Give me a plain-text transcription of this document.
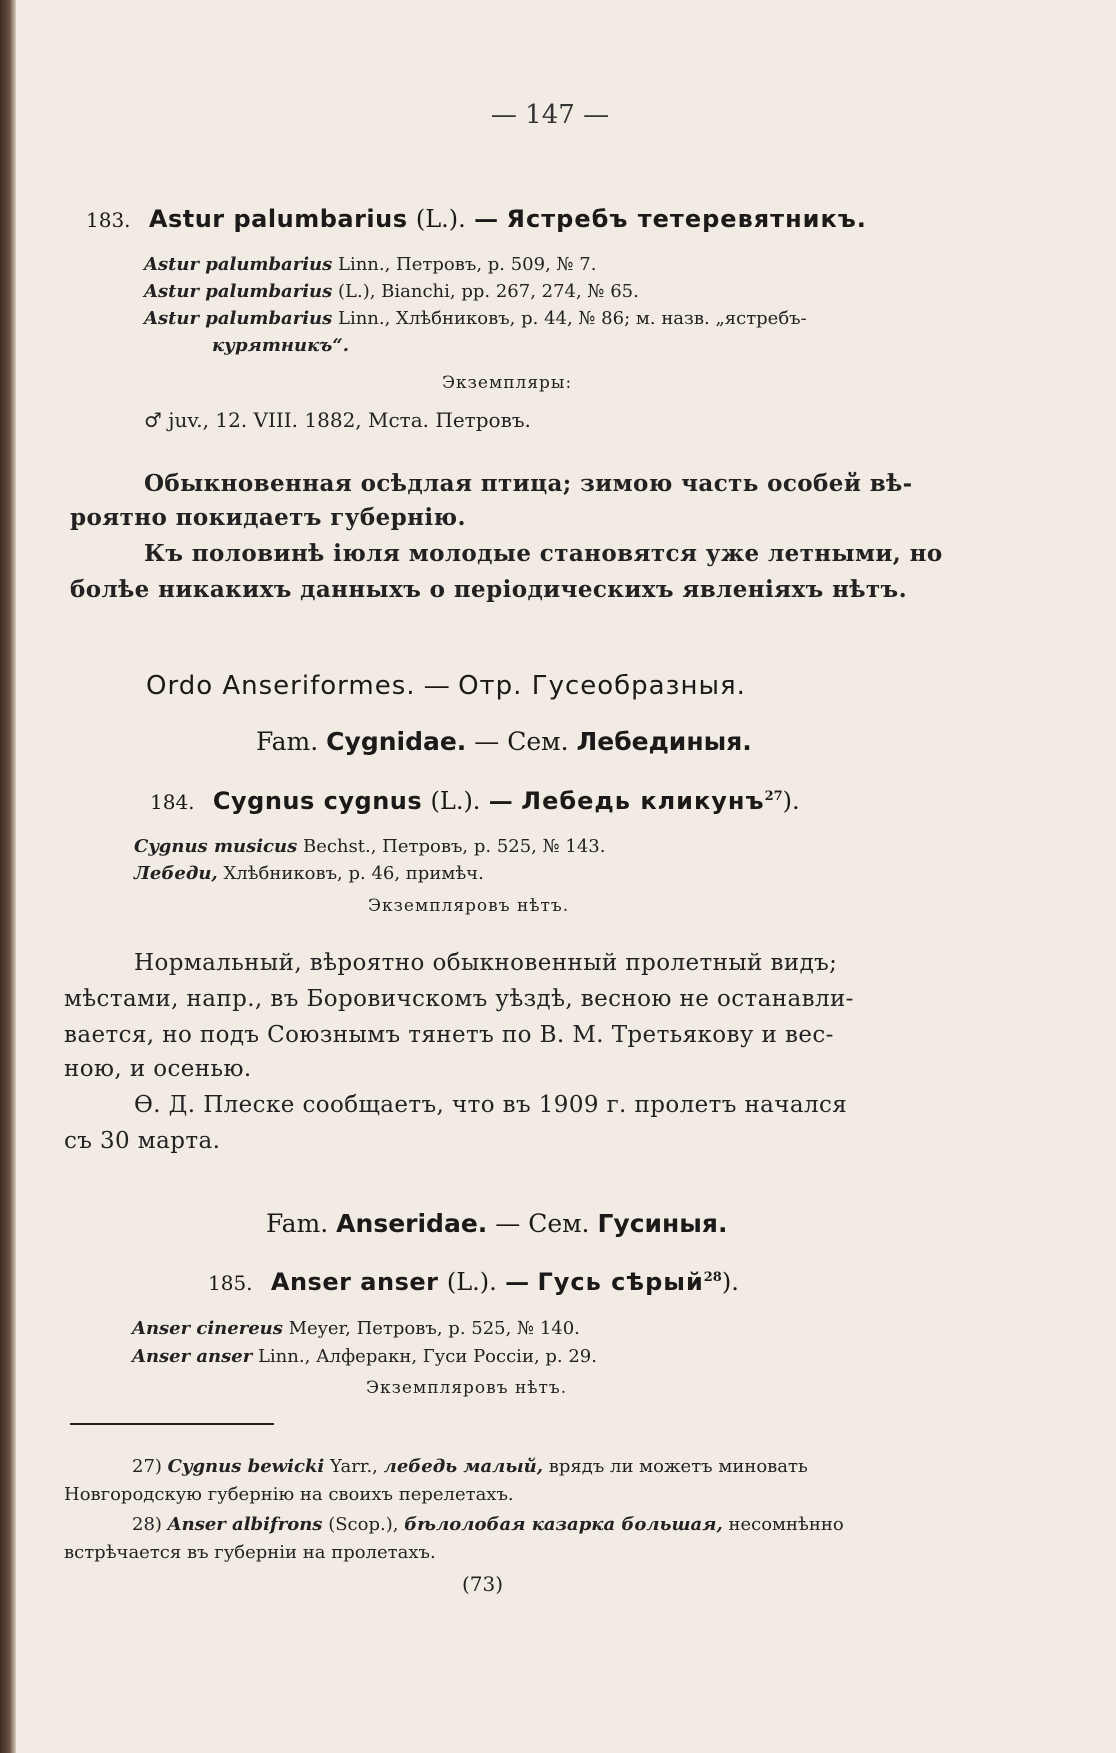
— 147 —
183. Astur palumbarius (L.). — Ястребъ тетеревятникъ.
Astur palumbarius Linn., Петровъ, p. 509, № 7.
Astur palumbarius (L.), Bianchi, pp. 267, 274, № 65.
Astur palumbarius Linn., Хлѣбниковъ, p. 44, № 86; м. назв. „ястребъ-
курятникъ“.
Экземпляры:
♂ juv., 12. VIII. 1882, Мста. Петровъ.
Обыкновенная осѣдлая птица; зимою часть особей вѣ-
роятно покидаетъ губернію.
Къ половинѣ іюля молодые становятся уже летными, но
болѣе никакихъ данныхъ о періодическихъ явленіяхъ нѣтъ.
Ordo Anseriformes. — Отр. Гусеобразныя.
Fam. Cygnidae. — Сем. Лебединыя.
184. Cygnus cygnus (L.). — Лебедь кликунъ$^{27}$).
Cygnus musicus Bechst., Петровъ, p. 525, № 143.
Лебеди, Хлѣбниковъ, p. 46, примѣч.
Экземпляровъ нѣтъ.
Нормальный, вѣроятно обыкновенный пролетный видъ;
мѣстами, напр., въ Боровичскомъ уѣздѣ, весною не останавли-
вается, но подъ Союзнымъ тянетъ по В. М. Третьякову и вес-
ною, и осенью.
Ѳ. Д. Плеске сообщаетъ, что въ 1909 г. пролетъ начался
съ 30 марта.
Fam. Anseridae. — Сем. Гусиныя.
185. Anser anser (L.). — Гусь сѣрый$^{28}$).
Anser cinereus Meyer, Петровъ, p. 525, № 140.
Anser anser Linn., Алферакн, Гуси Россіи, p. 29.
Экземпляровъ нѣтъ.
27) Cygnus bewicki Yarr., лебедь малый, врядъ ли можетъ миновать
Новгородскую губернію на своихъ перелетахъ.
28) Anser albifrons (Scop.), бѣлолобая казарка большая, несомнѣнно
встрѣчается въ губерніи на пролетахъ.
(73)
